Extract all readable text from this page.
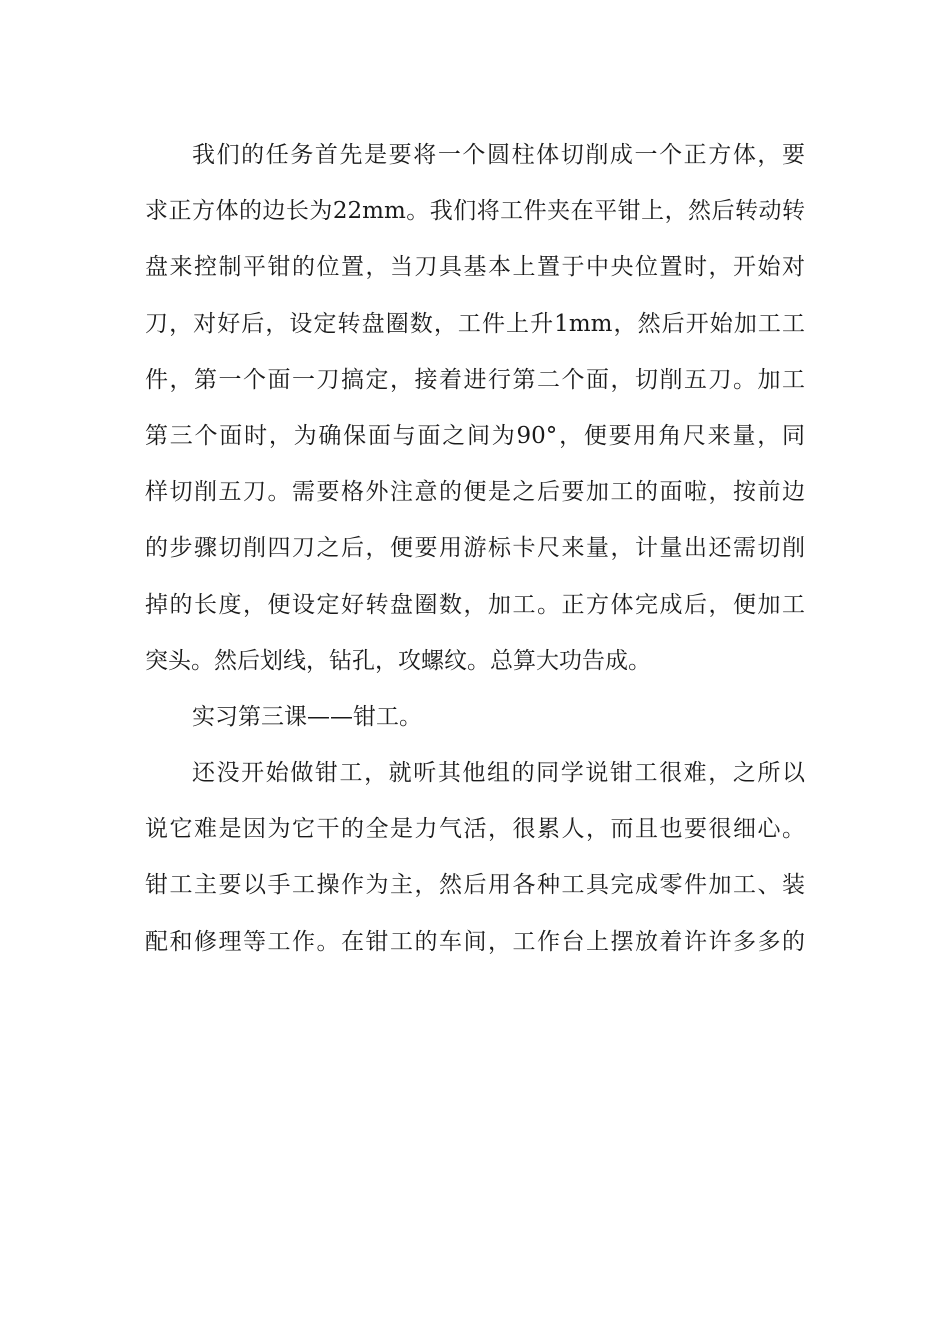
我们的任务首先是要将一个圆柱体切削成一个正方体，要
求正方体的边长为22mm。我们将工件夹在平钳上，然后转动转
盘来控制平钳的位置，当刀具基本上置于中央位置时，开始对
刀，对好后，设定转盘圈数，工件上升1mm，然后开始加工工
件，第一个面一刀搞定，接着进行第二个面，切削五刀。加工
第三个面时，为确保面与面之间为90°，便要用角尺来量，同
样切削五刀。需要格外注意的便是之后要加工的面啦，按前边
的步骤切削四刀之后，便要用游标卡尺来量，计量出还需切削
掉的长度，便设定好转盘圈数，加工。正方体完成后，便加工
突头。然后划线，钻孔，攻螺纹。总算大功告成。
实习第三课——钳工。
还没开始做钳工，就听其他组的同学说钳工很难，之所以
说它难是因为它干的全是力气活，很累人，而且也要很细心。
钳工主要以手工操作为主，然后用各种工具完成零件加工、装
配和修理等工作。在钳工的车间，工作台上摆放着许许多多的
